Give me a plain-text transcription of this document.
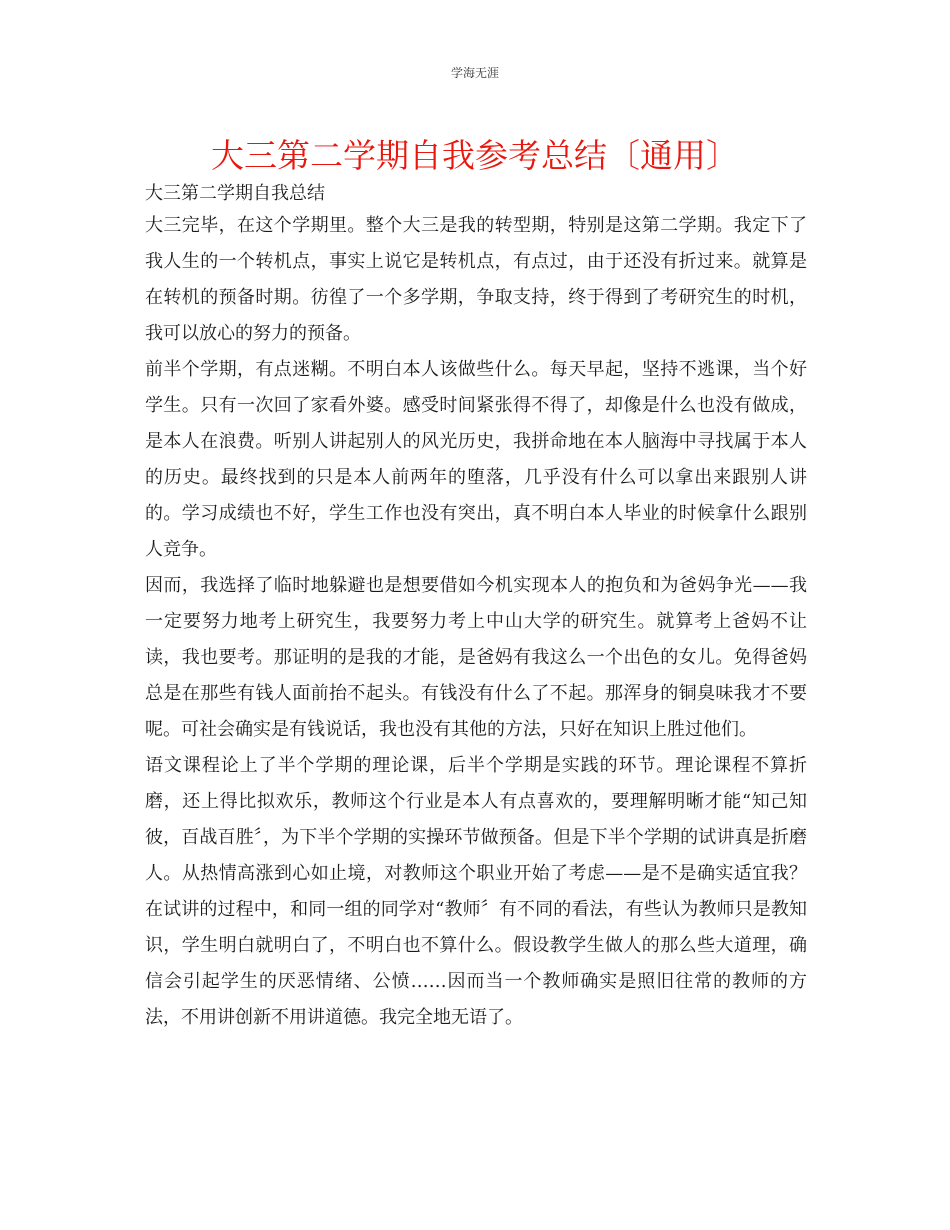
学海无涯
大三第二学期自我参考总结〔通用〕

大三第二学期自我总结

大三完毕，在这个学期里。整个大三是我的转型期，特别是这第二学期。我定下了我人生的一个转机点，事实上说它是转机点，有点过，由于还没有折过来。就算是在转机的预备时期。彷徨了一个多学期，争取支持，终于得到了考研究生的时机，我可以放心的努力的预备。

前半个学期，有点迷糊。不明白本人该做些什么。每天早起，坚持不逃课，当个好学生。只有一次回了家看外婆。感受时间紧张得不得了，却像是什么也没有做成，是本人在浪费。听别人讲起别人的风光历史，我拼命地在本人脑海中寻找属于本人的历史。最终找到的只是本人前两年的堕落，几乎没有什么可以拿出来跟别人讲的。学习成绩也不好，学生工作也没有突出，真不明白本人毕业的时候拿什么跟别人竞争。

因而，我选择了临时地躲避也是想要借如今机实现本人的抱负和为爸妈争光——我一定要努力地考上研究生，我要努力考上中山大学的研究生。就算考上爸妈不让读，我也要考。那证明的是我的才能，是爸妈有我这么一个出色的女儿。免得爸妈总是在那些有钱人面前抬不起头。有钱没有什么了不起。那浑身的铜臭味我才不要呢。可社会确实是有钱说话，我也没有其他的方法，只好在知识上胜过他们。

语文课程论上了半个学期的理论课，后半个学期是实践的环节。理论课程不算折磨，还上得比拟欢乐，教师这个行业是本人有点喜欢的，要理解明晰才能“知己知彼，百战百胜〞，为下半个学期的实操环节做预备。但是下半个学期的试讲真是折磨人。从热情高涨到心如止境，对教师这个职业开始了考虑——是不是确实适宜我？在试讲的过程中，和同一组的同学对“教师〞有不同的看法，有些认为教师只是教知识，学生明白就明白了，不明白也不算什么。假设教学生做人的那么些大道理，确信会引起学生的厌恶情绪、公愤……因而当一个教师确实是照旧往常的教师的方法，不用讲创新不用讲道德。我完全地无语了。
